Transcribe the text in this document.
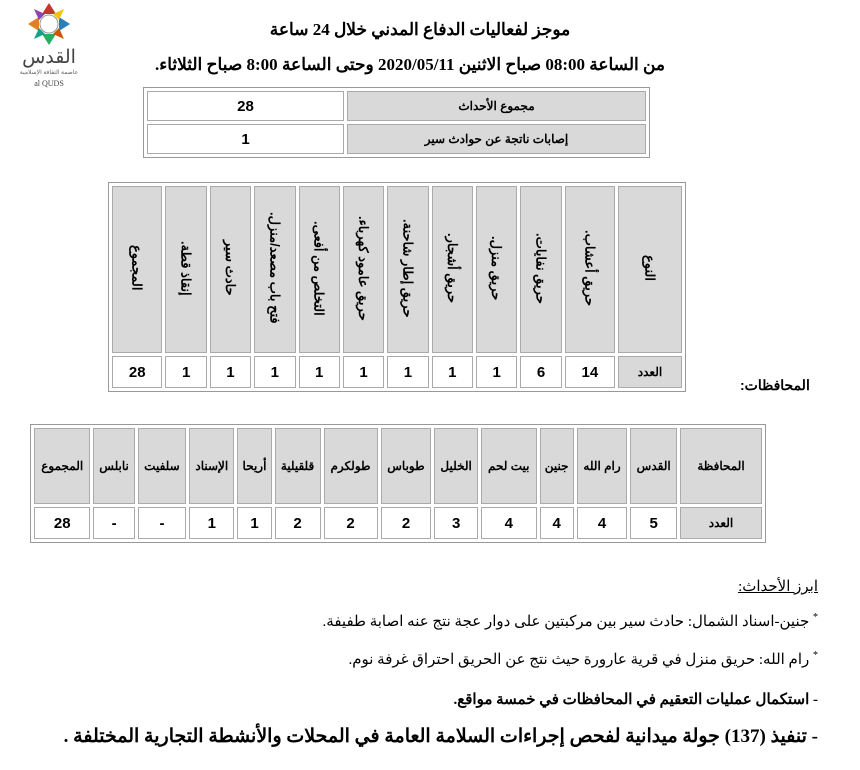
القدس
عاصمة الثقافة الإسلامية
al QUDS
موجز لفعاليات الدفاع المدني خلال 24 ساعة
من الساعة 08:00 صباح الاثنين 2020/05/11 وحتى الساعة 8:00 صباح الثلاثاء.
مجموع الأحداث	28
إصابات ناتجة عن حوادث سير	1
النوع	حريق أعشاب.	حريق نفايات.	حريق منزل.	حريق أشجار.	حريق إطار شاحنة.	حريق عامود كهرباء.	التخلص من أفعى.	فتح باب مصعد/منزل.	حادث سير	إنقاذ قطة.	المجموع
العدد	14	6	1	1	1	1	1	1	1	1	28
المحافظات:
المحافظة	القدس	رام الله	جنين	بيت لحم	الخليل	طوباس	طولكرم	قلقيلية	أريحا	الإسناد	سلفيت	نابلس	المجموع
العدد	5	4	4	4	3	2	2	2	1	1	-	-	28
ابرز الأحداث:
* جنين-اسناد الشمال: حادث سير بين مركبتين على دوار عجة نتج عنه اصابة طفيفة.
* رام الله: حريق منزل في قرية عارورة حيث نتج عن الحريق احتراق غرفة نوم.
- استكمال عمليات التعقيم في المحافظات في خمسة مواقع.
- تنفيذ (137) جولة ميدانية لفحص إجراءات السلامة العامة في المحلات والأنشطة التجارية المختلفة .
